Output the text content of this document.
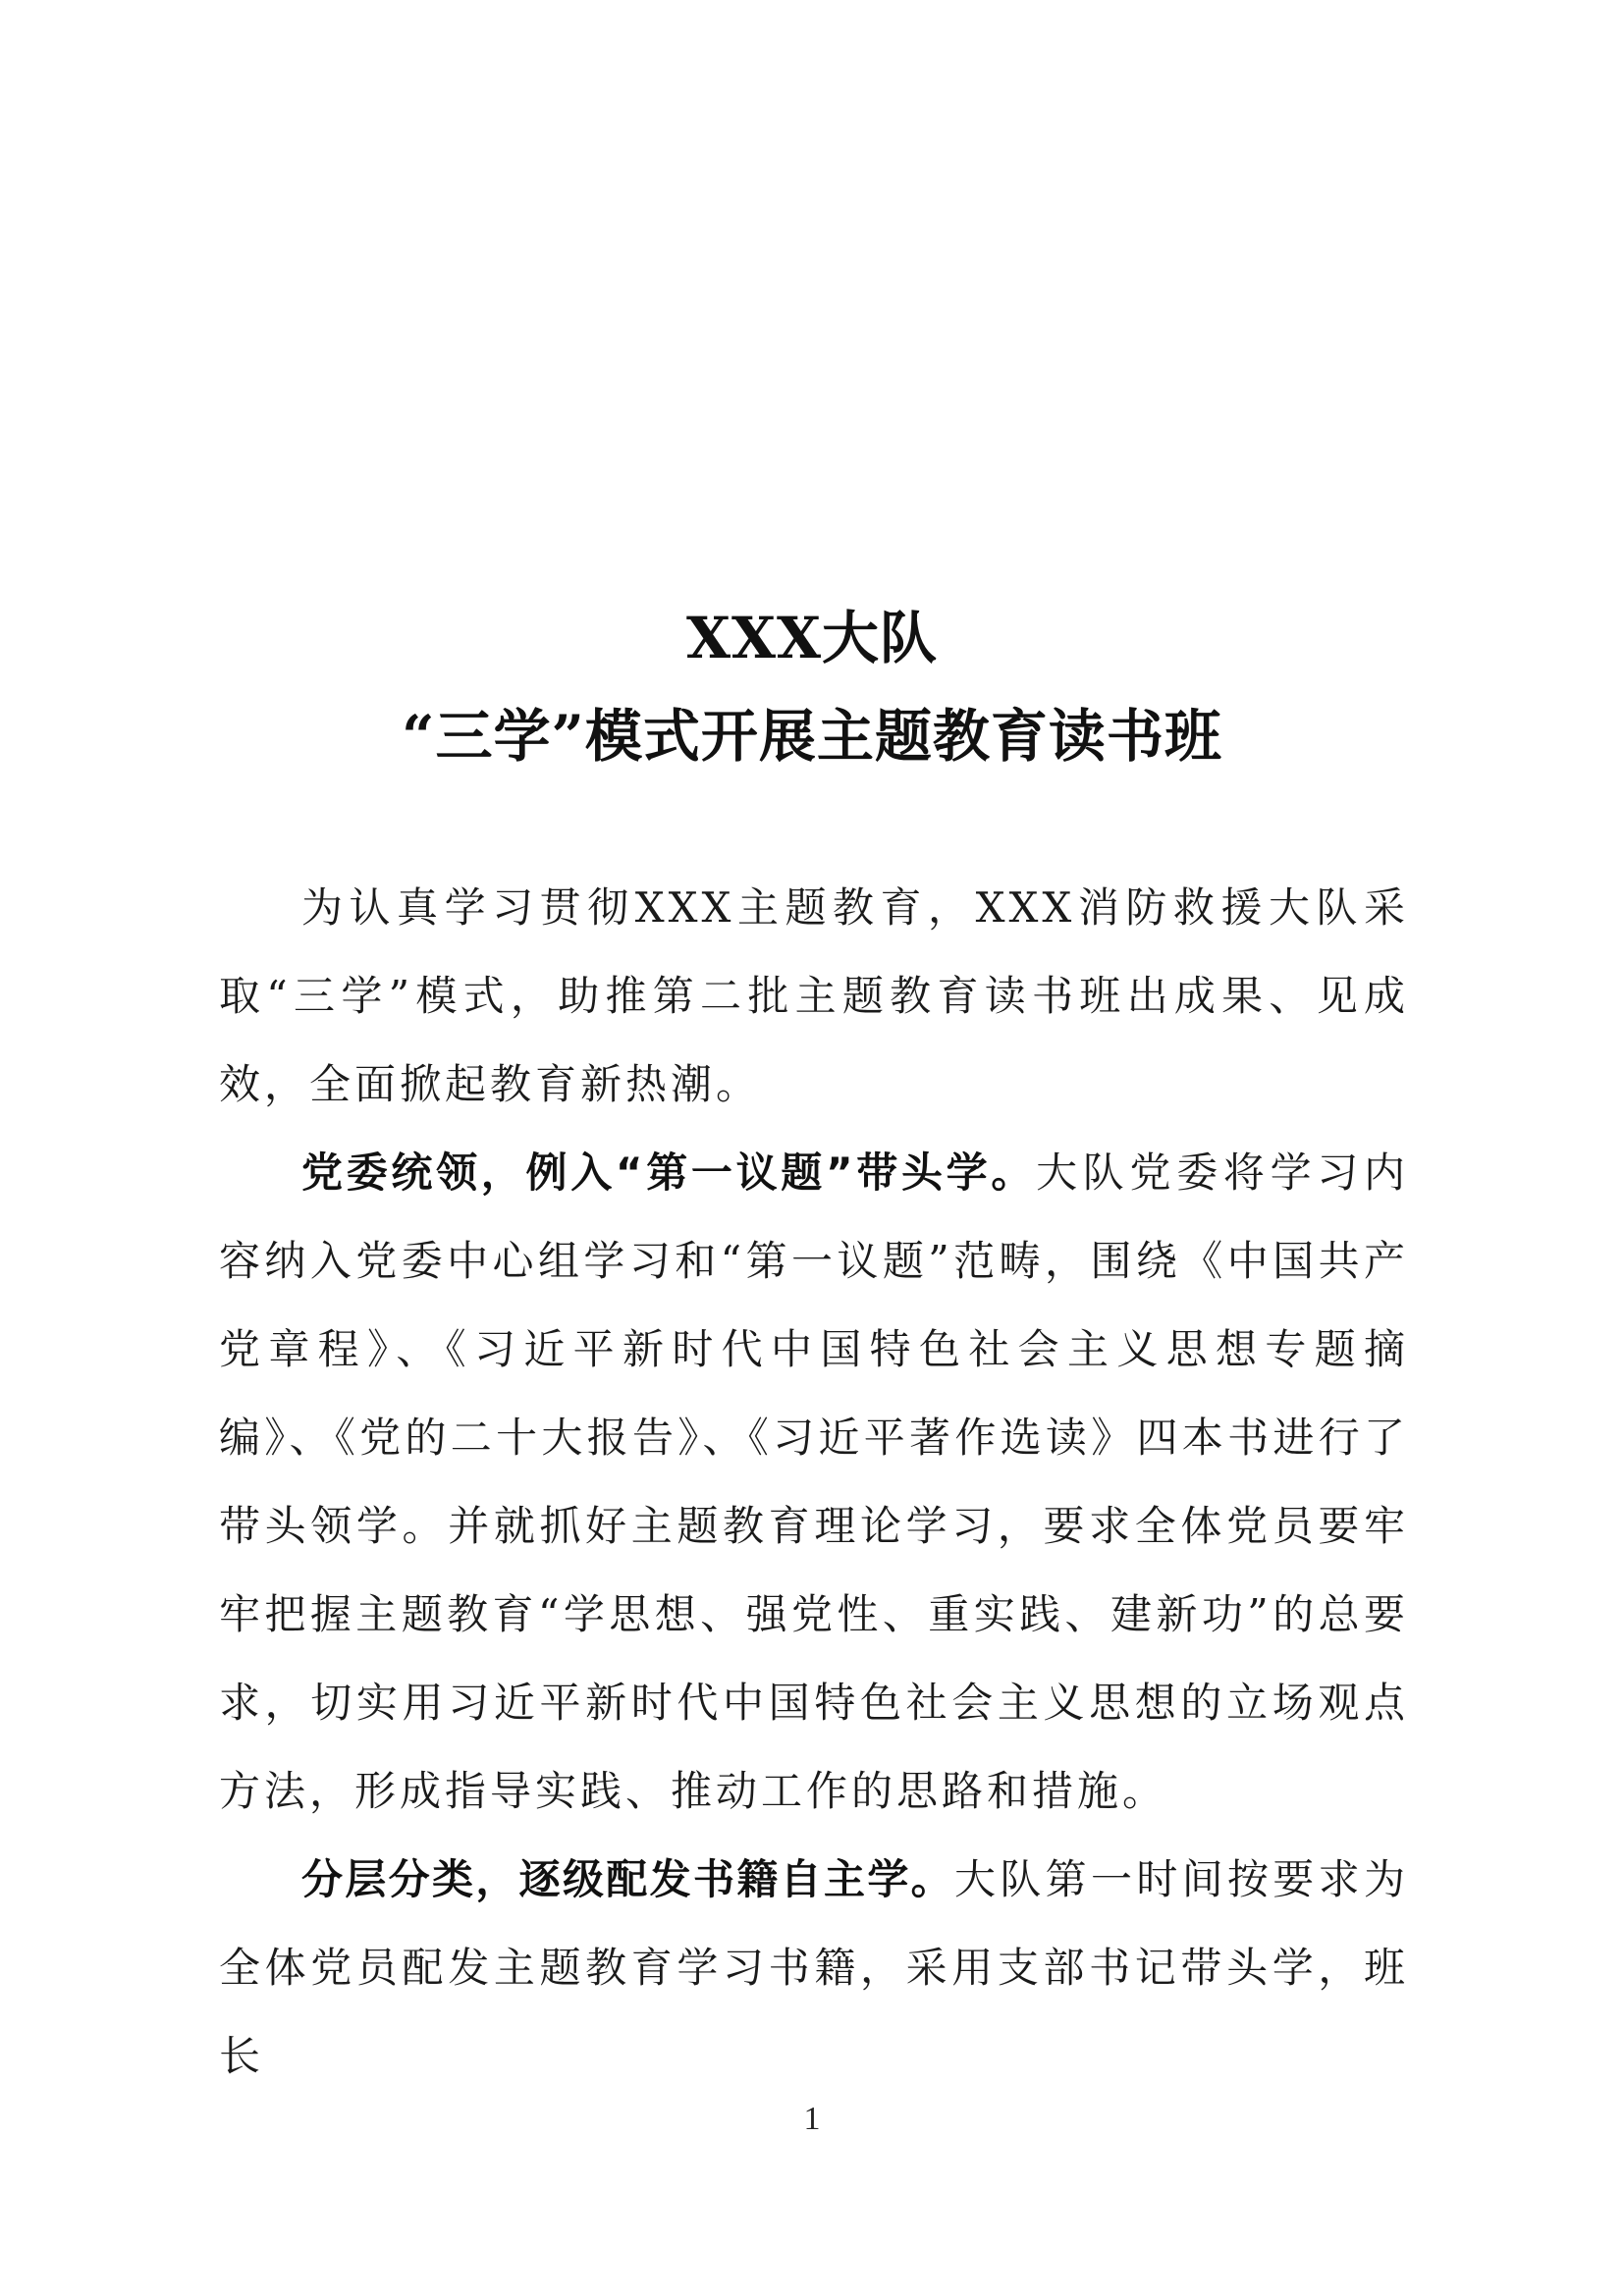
XXX大队
“三学”模式开展主题教育读书班

为认真学习贯彻XXX主题教育，XXX消防救援大队采取“三学”模式，助推第二批主题教育读书班出成果、见成效，全面掀起教育新热潮。

党委统领，例入“第一议题”带头学。大队党委将学习内容纳入党委中心组学习和“第一议题”范畴，围绕《中国共产党章程》、《习近平新时代中国特色社会主义思想专题摘编》、《党的二十大报告》、《习近平著作选读》四本书进行了带头领学。并就抓好主题教育理论学习，要求全体党员要牢牢把握主题教育“学思想、强党性、重实践、建新功”的总要求，切实用习近平新时代中国特色社会主义思想的立场观点方法，形成指导实践、推动工作的思路和措施。

分层分类，逐级配发书籍自主学。大队第一时间按要求为全体党员配发主题教育学习书籍，采用支部书记带头学，班长

1
